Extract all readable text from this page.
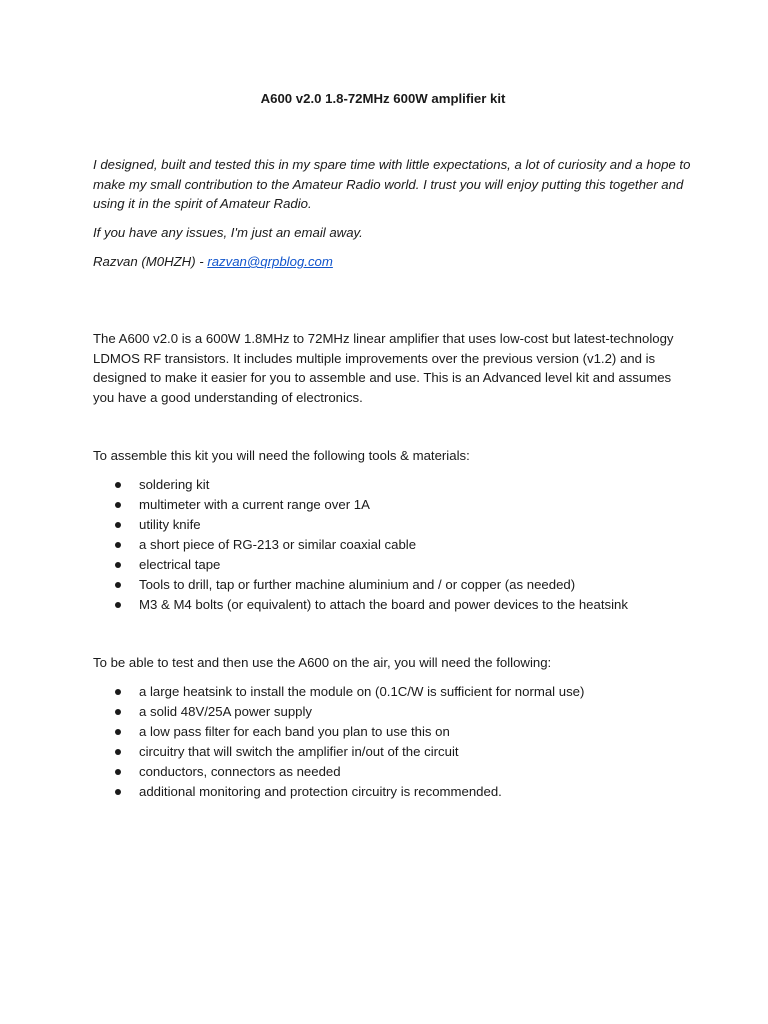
A600 v2.0 1.8-72MHz 600W amplifier kit

I designed, built and tested this in my spare time with little expectations, a lot of curiosity and a hope to make my small contribution to the Amateur Radio world. I trust you will enjoy putting this together and using it in the spirit of Amateur Radio.

If you have any issues, I'm just an email away.

Razvan (M0HZH) - razvan@qrpblog.com

The A600 v2.0 is a 600W 1.8MHz to 72MHz linear amplifier that uses low-cost but latest-technology LDMOS RF transistors. It includes multiple improvements over the previous version (v1.2) and is designed to make it easier for you to assemble and use. This is an Advanced level kit and assumes you have a good understanding of electronics.

To assemble this kit you will need the following tools & materials:

soldering kit
multimeter with a current range over 1A
utility knife
a short piece of RG-213 or similar coaxial cable
electrical tape
Tools to drill, tap or further machine aluminium and / or copper (as needed)
M3 & M4 bolts (or equivalent) to attach the board and power devices to the heatsink

To be able to test and then use the A600 on the air, you will need the following:

a large heatsink to install the module on (0.1C/W is sufficient for normal use)
a solid 48V/25A power supply
a low pass filter for each band you plan to use this on
circuitry that will switch the amplifier in/out of the circuit
conductors, connectors as needed
additional monitoring and protection circuitry is recommended.
